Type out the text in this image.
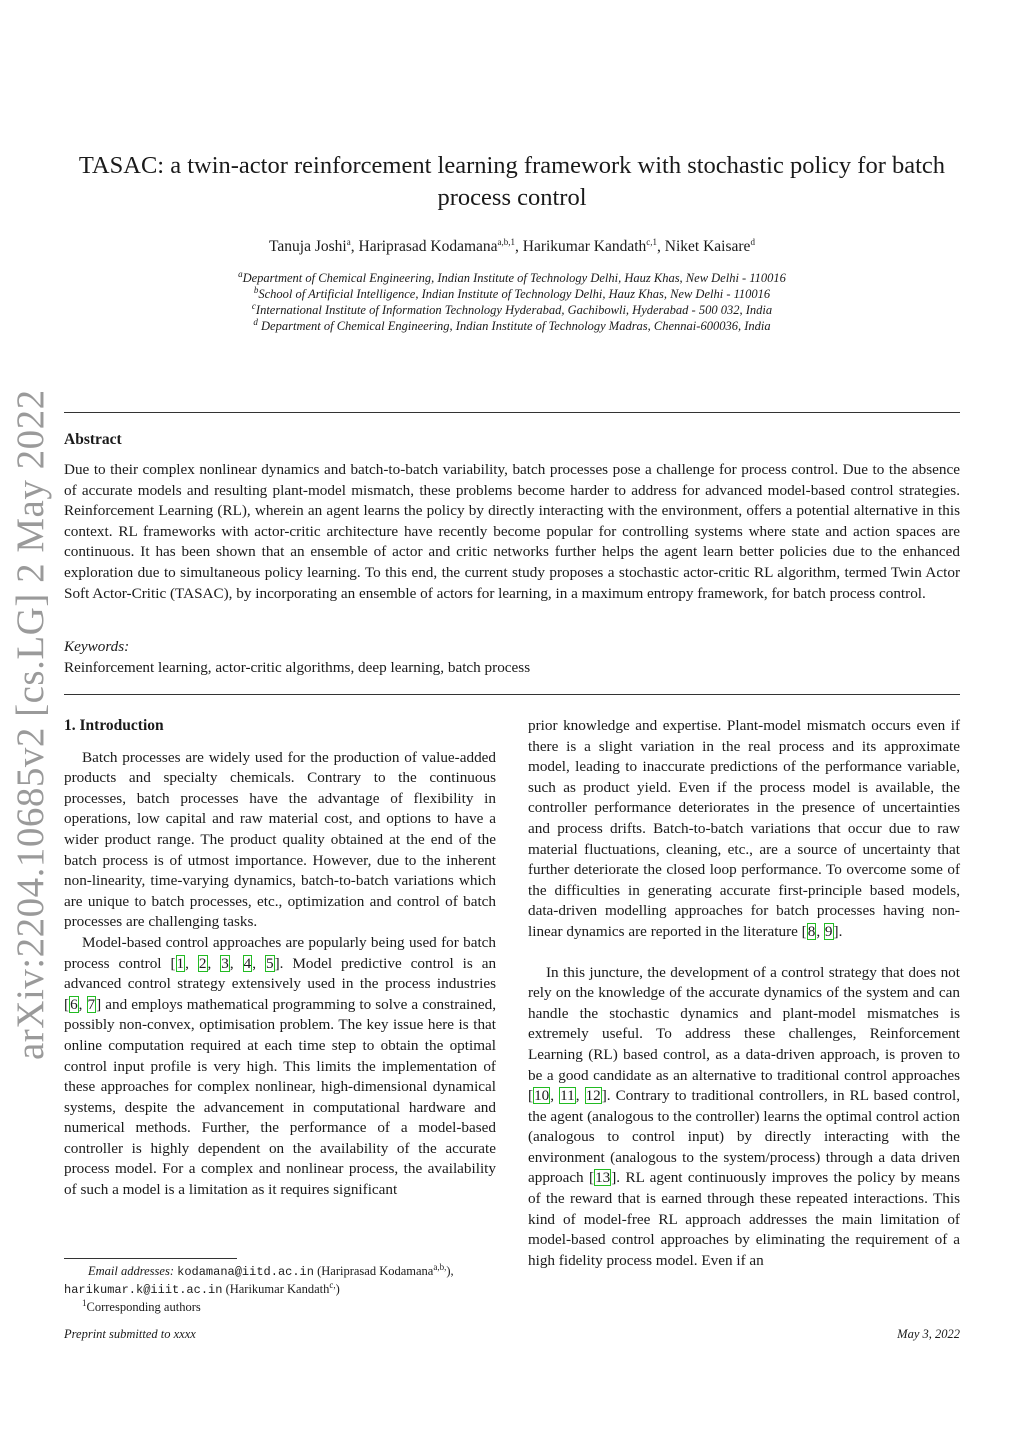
arXiv:2204.10685v2 [cs.LG] 2 May 2022
TASAC: a twin-actor reinforcement learning framework with stochastic policy for batch process control
Tanuja Joshi$^a$, Hariprasad Kodamana$^{a,b,1}$, Harikumar Kandath$^{c,1}$, Niket Kaisare$^d$
$^a$Department of Chemical Engineering, Indian Institute of Technology Delhi, Hauz Khas, New Delhi - 110016
$^b$School of Artificial Intelligence, Indian Institute of Technology Delhi, Hauz Khas, New Delhi - 110016
$^c$International Institute of Information Technology Hyderabad, Gachibowli, Hyderabad - 500 032, India
$^d$ Department of Chemical Engineering, Indian Institute of Technology Madras, Chennai-600036, India
Abstract
Due to their complex nonlinear dynamics and batch-to-batch variability, batch processes pose a challenge for process control. Due to the absence of accurate models and resulting plant-model mismatch, these problems become harder to address for advanced model-based control strategies. Reinforcement Learning (RL), wherein an agent learns the policy by directly interacting with the environment, offers a potential alternative in this context. RL frameworks with actor-critic architecture have recently become popular for controlling systems where state and action spaces are continuous. It has been shown that an ensemble of actor and critic networks further helps the agent learn better policies due to the enhanced exploration due to simultaneous policy learning. To this end, the current study proposes a stochastic actor-critic RL algorithm, termed Twin Actor Soft Actor-Critic (TASAC), by incorporating an ensemble of actors for learning, in a maximum entropy framework, for batch process control.
Keywords:
Reinforcement learning, actor-critic algorithms, deep learning, batch process
1. Introduction

Batch processes are widely used for the production of value-added products and specialty chemicals. Contrary to the continuous processes, batch processes have the advantage of flexibility in operations, low capital and raw material cost, and options to have a wider product range. The product quality obtained at the end of the batch process is of utmost importance. However, due to the inherent non-linearity, time-varying dynamics, batch-to-batch variations which are unique to batch processes, etc., optimization and control of batch processes are challenging tasks.

Model-based control approaches are popularly being used for batch process control [1, 2, 3, 4, 5]. Model predictive control is an advanced control strategy extensively used in the process industries [6, 7] and employs mathematical programming to solve a constrained, possibly non-convex, optimisation problem. The key issue here is that online computation required at each time step to obtain the optimal control input profile is very high. This limits the implementation of these approaches for complex nonlinear, high-dimensional dynamical systems, despite the advancement in computational hardware and numerical methods. Further, the performance of a model-based controller is highly dependent on the availability of the accurate process model. For a complex and nonlinear process, the availability of such a model is a limitation as it requires significant

prior knowledge and expertise. Plant-model mismatch occurs even if there is a slight variation in the real process and its approximate model, leading to inaccurate predictions of the performance variable, such as product yield. Even if the process model is available, the controller performance deteriorates in the presence of uncertainties and process drifts. Batch-to-batch variations that occur due to raw material fluctuations, cleaning, etc., are a source of uncertainty that further deteriorate the closed loop performance. To overcome some of the difficulties in generating accurate first-principle based models, data-driven modelling approaches for batch processes having non-linear dynamics are reported in the literature [8, 9].

In this juncture, the development of a control strategy that does not rely on the knowledge of the accurate dynamics of the system and can handle the stochastic dynamics and plant-model mismatches is extremely useful. To address these challenges, Reinforcement Learning (RL) based control, as a data-driven approach, is proven to be a good candidate as an alternative to traditional control approaches [10, 11, 12]. Contrary to traditional controllers, in RL based control, the agent (analogous to the controller) learns the optimal control action (analogous to control input) by directly interacting with the environment (analogous to the system/process) through a data driven approach [13]. RL agent continuously improves the policy by means of the reward that is earned through these repeated interactions. This kind of model-free RL approach addresses the main limitation of model-based control approaches by eliminating the requirement of a high fidelity process model. Even if an

Email addresses: kodamana@iitd.ac.in (Hariprasad Kodamana$^{a,b,}$),
harikumar.k@iiit.ac.in (Harikumar Kandath$^{c,}$)
$^1$Corresponding authors
Preprint submitted to xxxx	May 3, 2022
